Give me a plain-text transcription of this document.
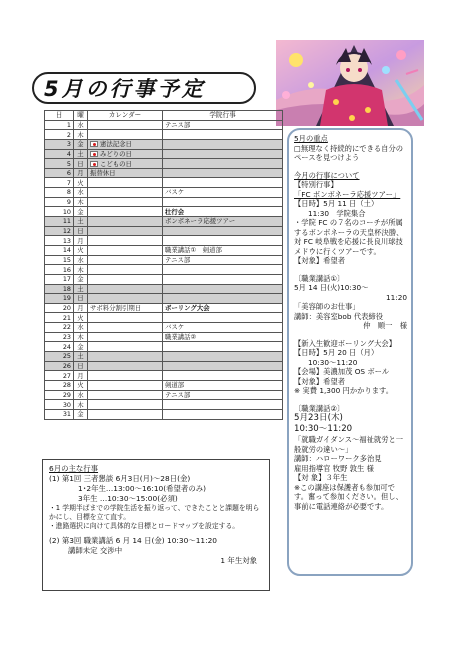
5月の行事予定
日	曜	カレンダー	学院行事
1	水		テニス部
2	木		
3	金	憲法記念日	
4	土	みどりの日	
5	日	こどもの日	
6	月	振替休日	
7	火		
8	水		バスケ
9	木		
10	金		壮行会
11	土		ボンボネーラ応援ツアー
12	日		
13	月		
14	火		職業講話①　剣道部
15	水		テニス部
16	木		
17	金		
18	土		
19	日		
20	月	サボ料分割引期日	ボーリング大会
21	火		
22	水		バスケ
23	木		職業講話②
24	金		
25	土		
26	日		
27	月		
28	火		剣道部
29	水		テニス部
30	木		
31	金		

5月の重点

□無理なく持続的にできる自分のペースを見つけよう

今月の行事について

【特別行事】

「FC ボンボネーラ応援ツアー」

【日時】5月 11 日（土）

11:30　学院集合

・学院 FC の７名のコーチが所属するボンボネーラの天皇杯決勝、対 FC 岐阜戦を応援に長良川球技メドウに行くツアーです。

【対象】希望者

〔職業講話①〕

5月 14 日(火)10:30～

11:20

「美容師のお仕事」

講師：美容室bob 代表締役

仲　順一　様

【新入生歓迎ボーリング大会】

【日時】5月 20 日（月）

10:30～11:20

【会場】美濃加茂 OS ボール

【対象】希望者

※ 実費 1,300 円かかります。

〔職業講話②〕

5月23日(木)

10:30～11:20

「就職ガイダンス～福祉就労と一般就労の違い～」

講師：ハローワーク多治見

雇用指導官 牧野 敦生 様

【対 象】３年生

※この講座は保護者も参加可です。奮って参加ください。但し、事前に電話連絡が必要です。

6月の主な行事

(1) 第1回 三者懇談 6月3日(月)～28日(金)

1･2年生…13:00～16:10(希望者のみ)

3年生 …10:30～15:00(必須)

・1 学期半ばまでの学院生活を振り返って、できたことと課題を明らかにし、目標を立て直す。

・進路選択に向けて具体的な目標とロードマップを設定する。

(2) 第3回 職業講話 6 月 14 日(金) 10:30～11:20

講師未定 交渉中

1 年生対象
